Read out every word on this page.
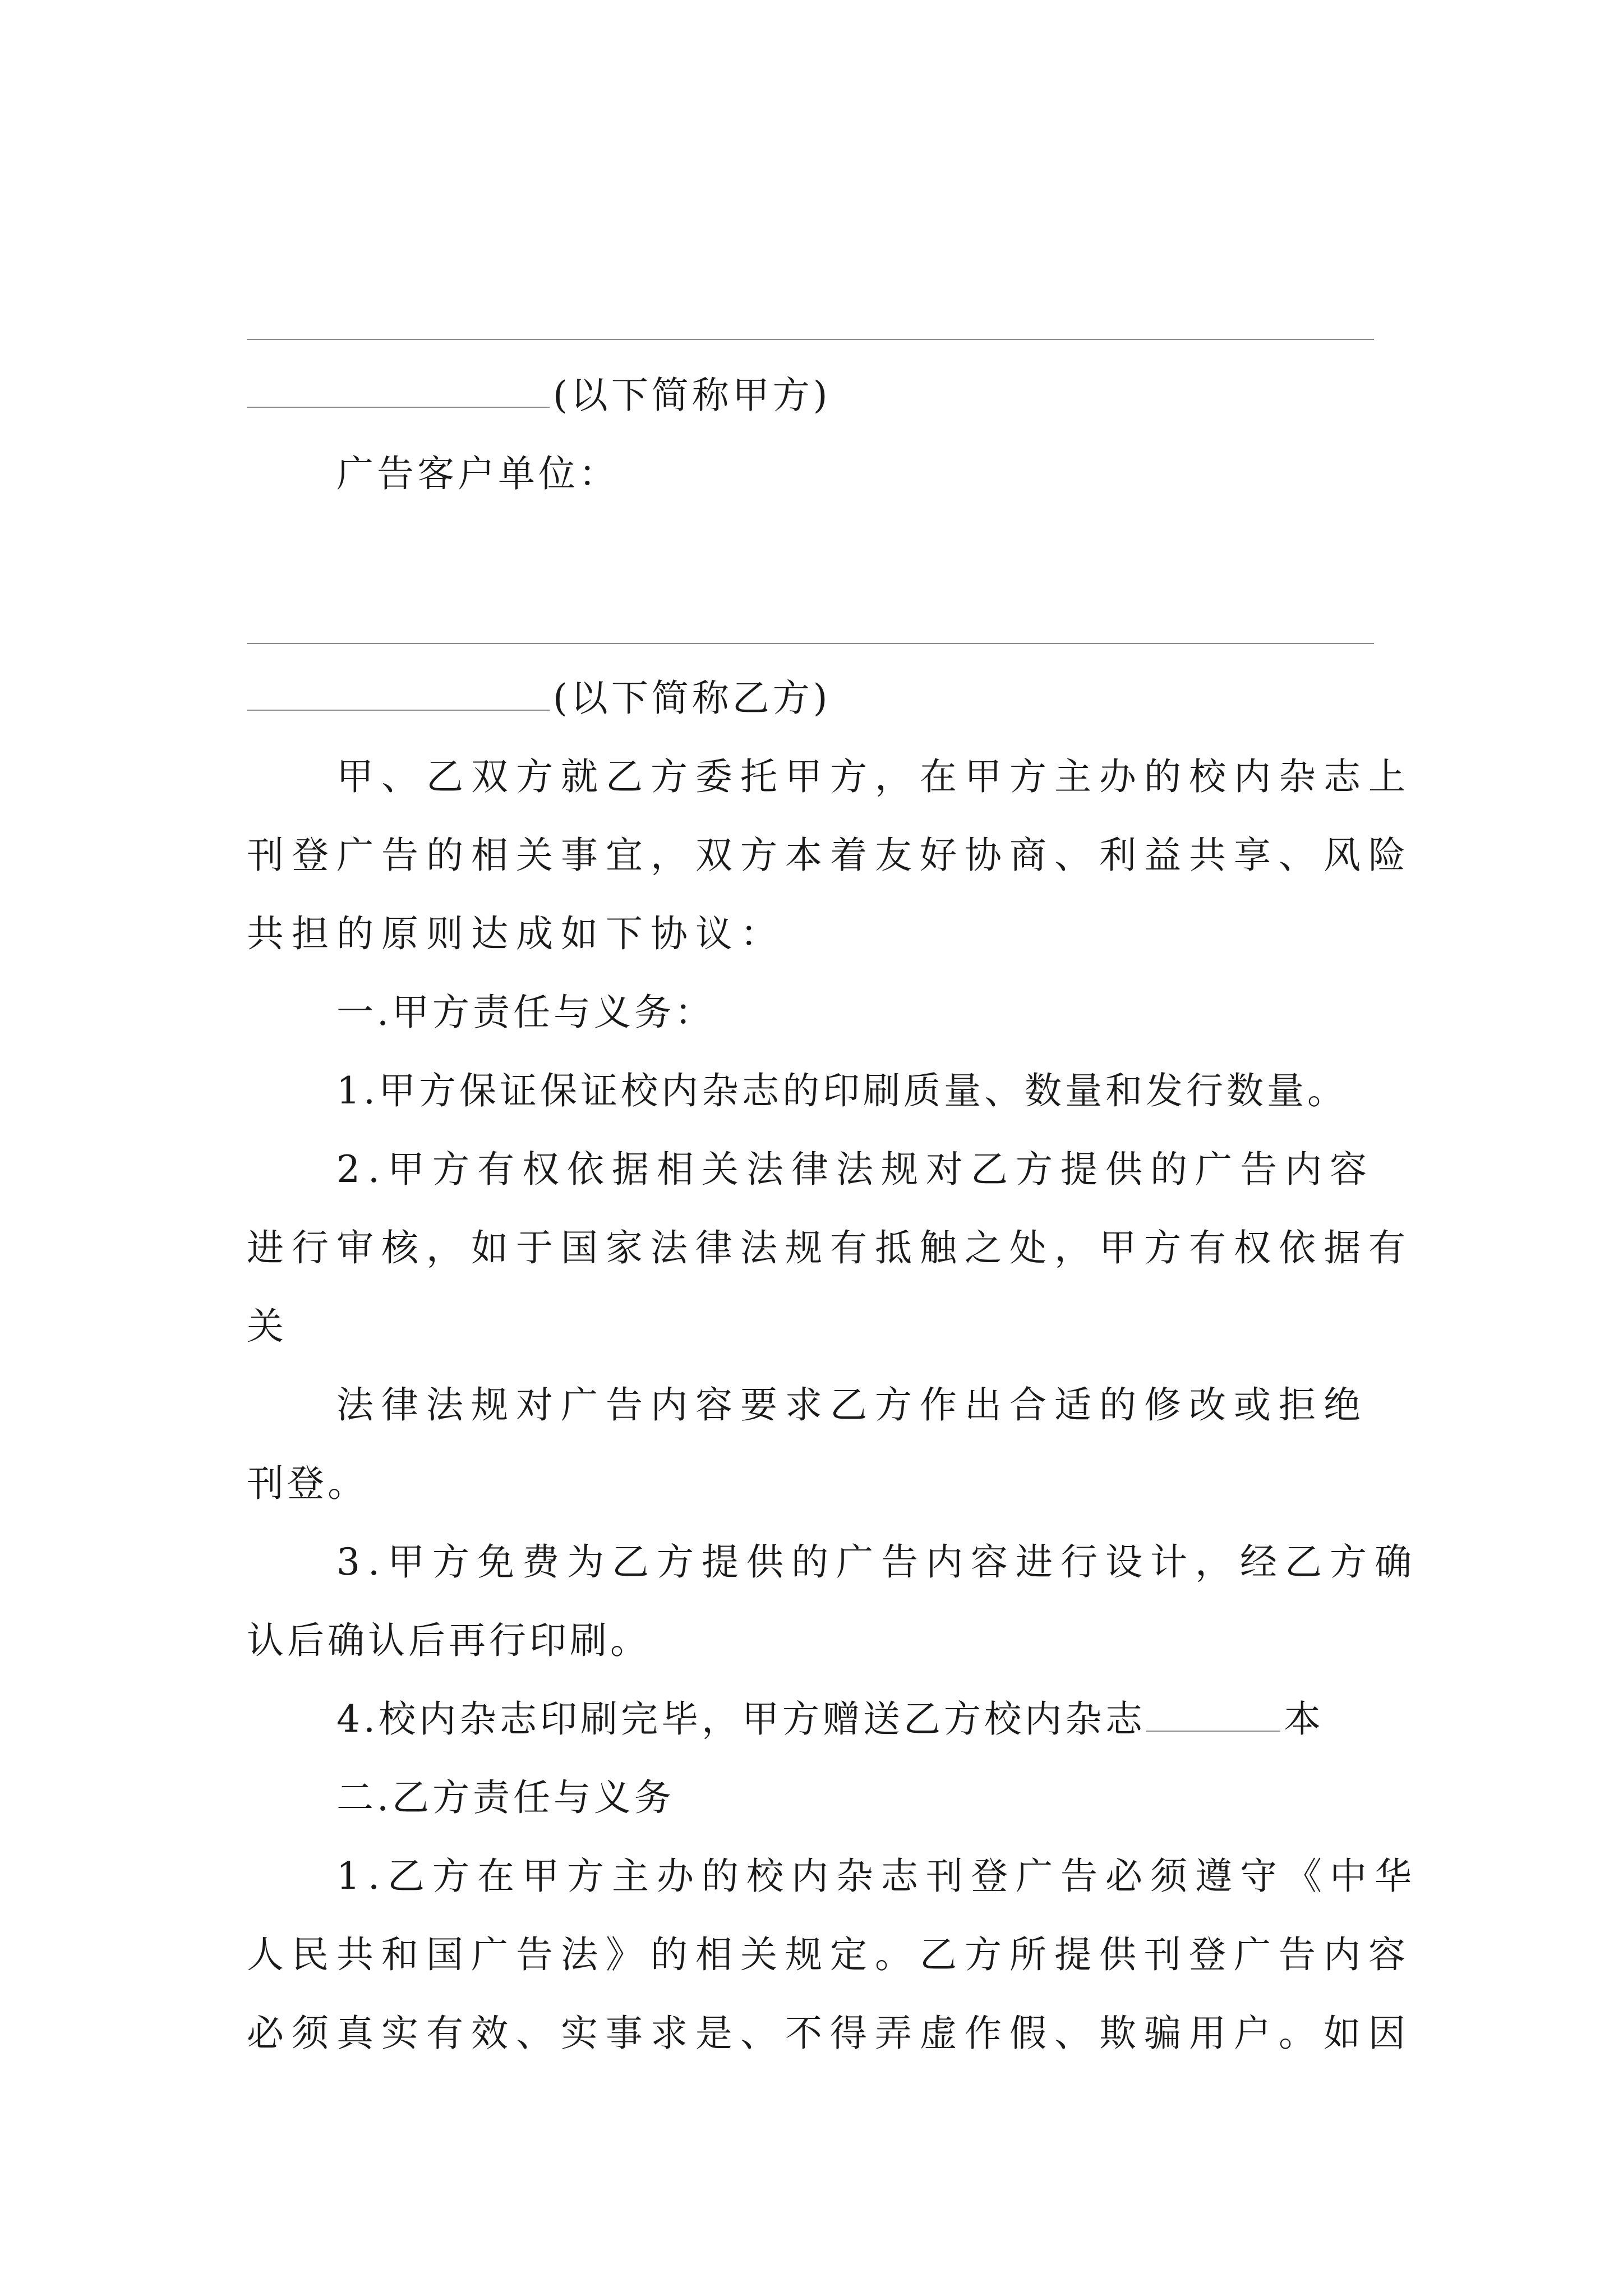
(以下简称甲方)
广告客户单位：
(以下简称乙方)
甲、乙双方就乙方委托甲方，在甲方主办的校内杂志上
刊登广告的相关事宜，双方本着友好协商、利益共享、风险
共担的原则达成如下协议：
一.甲方责任与义务：
1.甲方保证保证校内杂志的印刷质量、数量和发行数量。
2.甲方有权依据相关法律法规对乙方提供的广告内容
进行审核，如于国家法律法规有抵触之处，甲方有权依据有
关
法律法规对广告内容要求乙方作出合适的修改或拒绝
刊登。
3.甲方免费为乙方提供的广告内容进行设计，经乙方确
认后确认后再行印刷。
4.校内杂志印刷完毕，甲方赠送乙方校内杂志	本
二.乙方责任与义务
1.乙方在甲方主办的校内杂志刊登广告必须遵守《中华
人民共和国广告法》的相关规定。乙方所提供刊登广告内容
必须真实有效、实事求是、不得弄虚作假、欺骗用户。如因
